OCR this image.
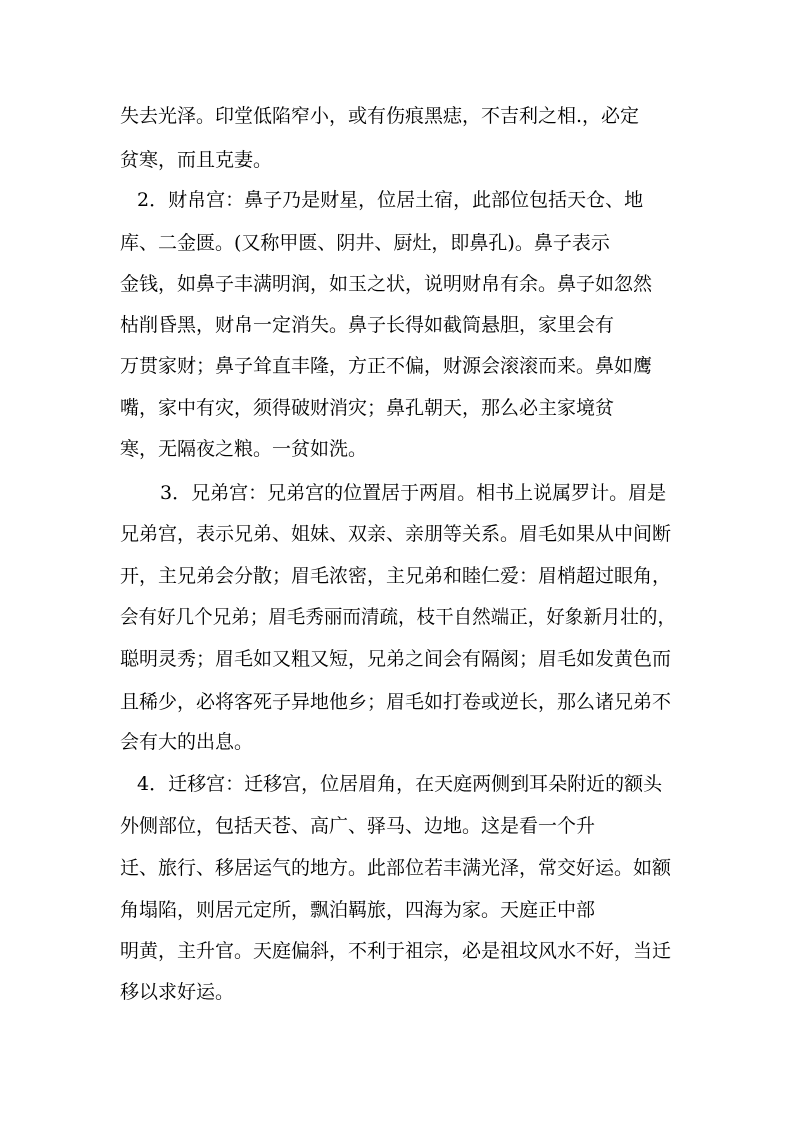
失去光泽。印堂低陷窄小，或有伤痕黑痣，不吉利之相.，必定
贫寒，而且克妻。
2．财帛宫：鼻子乃是财星，位居土宿，此部位包括天仓、地
库、二金匮。(又称甲匮、阴井、厨灶，即鼻孔)。鼻子表示
金钱，如鼻子丰满明润，如玉之状，说明财帛有余。鼻子如忽然
枯削昏黑，财帛一定消失。鼻子长得如截筒悬胆，家里会有
万贯家财；鼻子耸直丰隆，方正不偏，财源会滚滚而来。鼻如鹰
嘴，家中有灾，须得破财消灾；鼻孔朝天，那么必主家境贫
寒，无隔夜之粮。一贫如洗。
3．兄弟宫：兄弟宫的位置居于两眉。相书上说属罗计。眉是
兄弟宫，表示兄弟、姐妹、双亲、亲朋等关系。眉毛如果从中间断
开，主兄弟会分散；眉毛浓密，主兄弟和睦仁爱：眉梢超过眼角，
会有好几个兄弟；眉毛秀丽而清疏，枝干自然端正，好象新月壮的，
聪明灵秀；眉毛如又粗又短，兄弟之间会有隔阂；眉毛如发黄色而
且稀少，必将客死子异地他乡；眉毛如打卷或逆长，那么诸兄弟不
会有大的出息。
4．迁移宫：迁移宫，位居眉角，在天庭两侧到耳朵附近的额头
外侧部位，包括天苍、高广、驿马、边地。这是看一个升
迁、旅行、移居运气的地方。此部位若丰满光泽，常交好运。如额
角塌陷，则居元定所，飘泊羁旅，四海为家。天庭正中部
明黄，主升官。天庭偏斜，不利于祖宗，必是祖坟风水不好，当迁
移以求好运。
